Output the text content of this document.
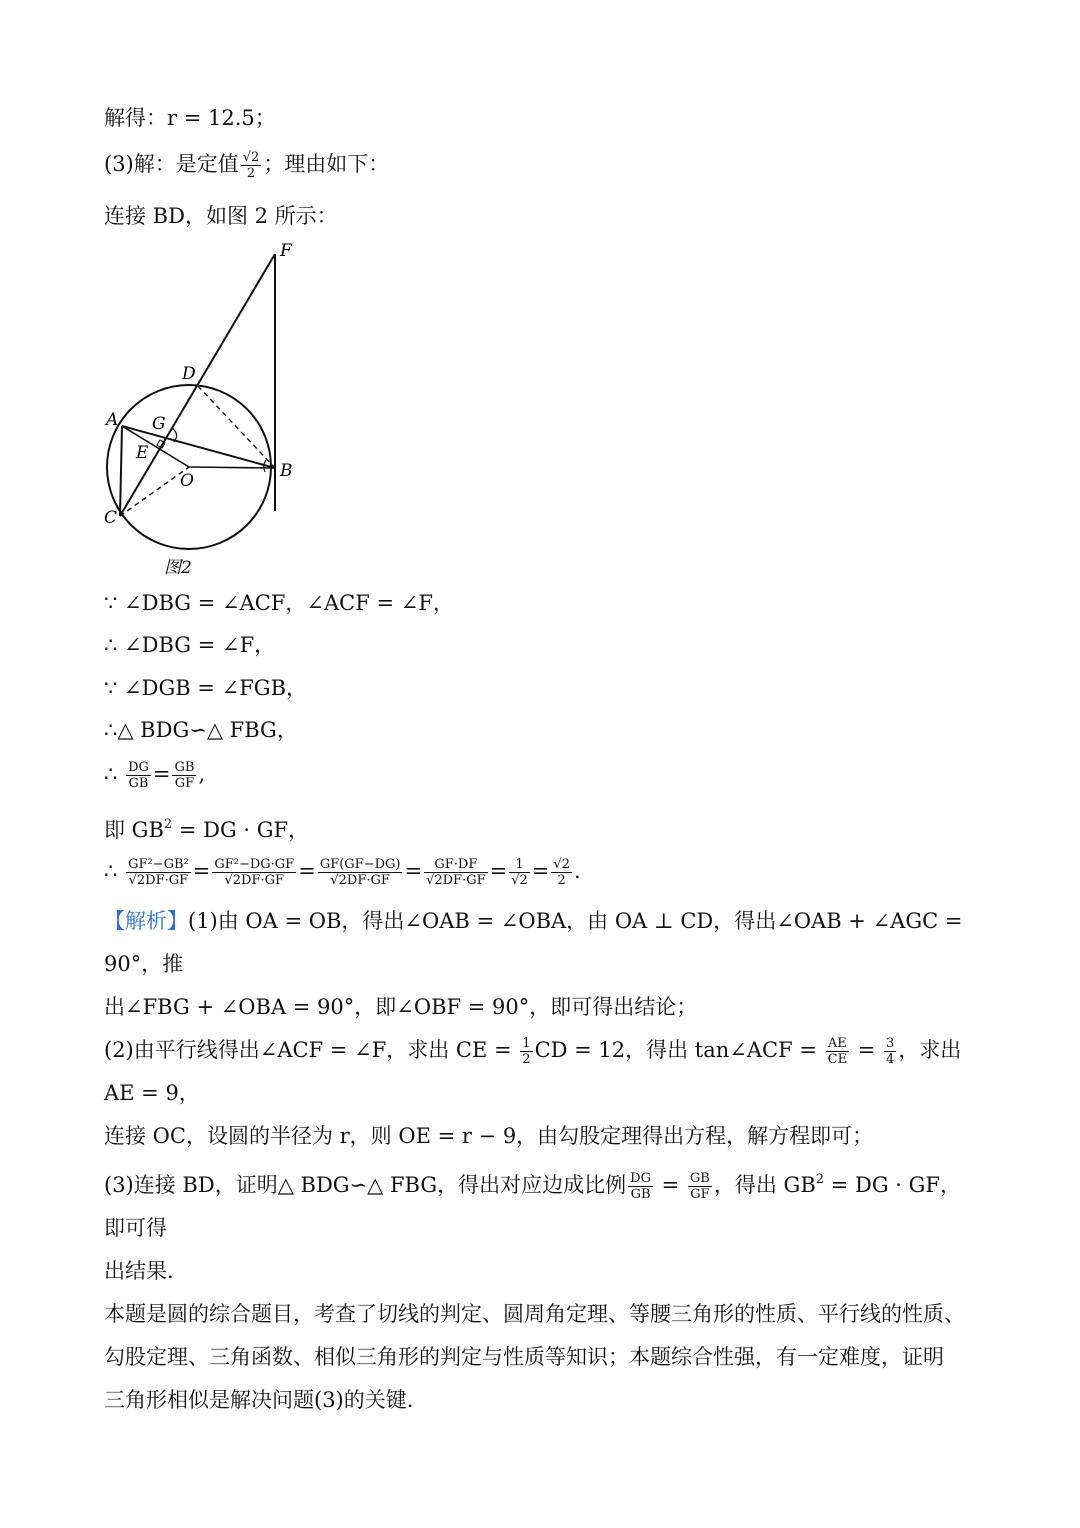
解得：r = 12.5；
(3)解：是定值 $\frac{√2}{2}$ ；理由如下：
连接 BD，如图 2 所示：
F
D
A G
E
O	B
C
图2
∵ ∠DBG = ∠ACF，∠ACF = ∠F，
∴ ∠DBG = ∠F，
∵ ∠DGB = ∠FGB，
∴△ BDG∽△ FBG，
∴ $\frac{DG}{GB} = \frac{GB}{GF}$ ,
即 $GB^2$ = DG · GF，
∴ $\frac{\text{GF²−GB²}}{√2DF\cdot GF} = \frac{\text{GF²−DG·GF}}{√2DF\cdot GF} = \frac{GF(GF-DG)}{√2DF\cdot GF} = \frac{GF\cdot DF}{√2DF\cdot GF} = \frac{1}{√2} = \frac{√2}{2}$ .
【解析】(1)由 OA = OB，得出∠OAB = ∠OBA，由 OA ⊥ CD，得出∠OAB + ∠AGC = 90°，推
出∠FBG + ∠OBA = 90°，即∠OBF = 90°，即可得出结论；
(2)由平行线得出∠ACF = ∠F，求出 CE = $\frac{1}{2}$ CD = 12，得出 tan∠ACF = $\frac{AE}{CE} = \frac{3}{4}$ ，求出 AE = 9，
连接 OC，设圆的半径为 r，则 OE = r − 9，由勾股定理得出方程，解方程即可；
(3)连接 BD，证明△ BDG∽△ FBG，得出对应边成比例 $\frac{DG}{GB} = \frac{GB}{GF}$ ，得出 $GB^2$ = DG · GF，即可得
出结果.
本题是圆的综合题目，考查了切线的判定、圆周角定理、等腰三角形的性质、平行线的性质、
勾股定理、三角函数、相似三角形的判定与性质等知识；本题综合性强，有一定难度，证明
三角形相似是解决问题(3)的关键.
